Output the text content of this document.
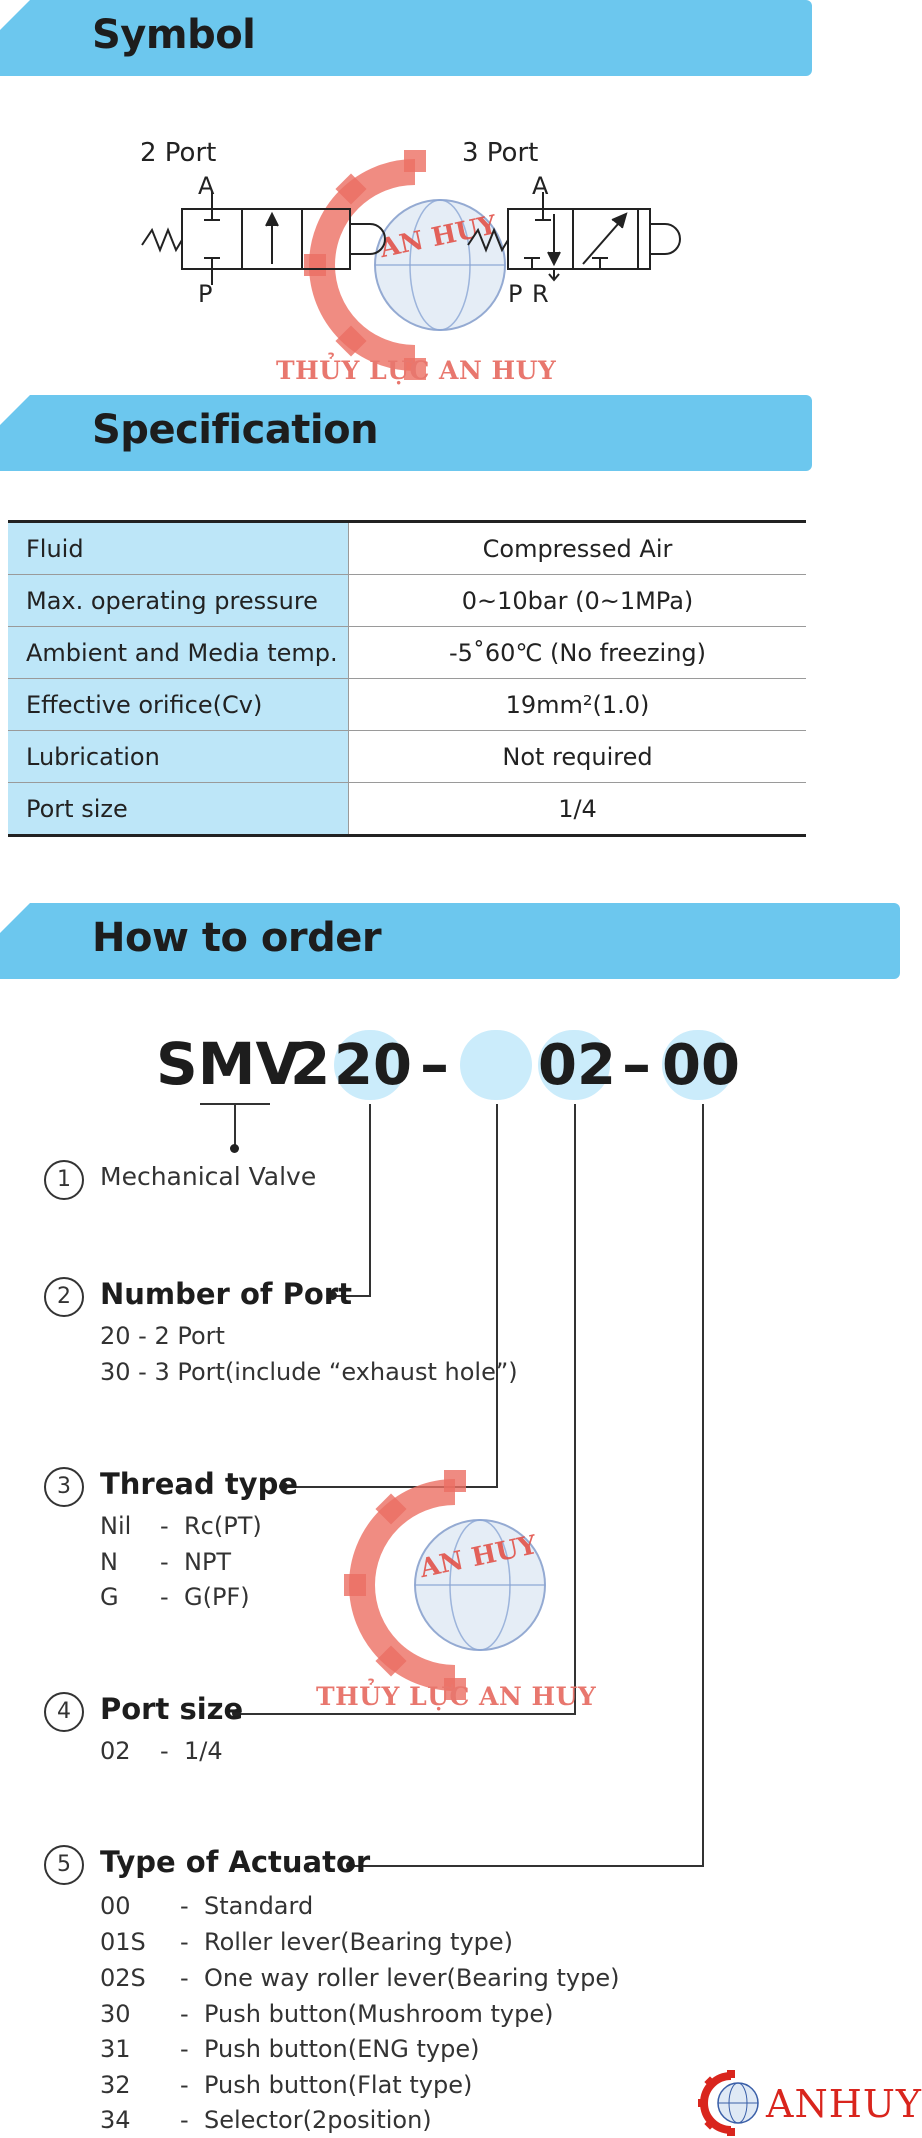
Symbol
AN HUY
2 Port	3 Port
A
P
A
P R
THỦY LỰC AN HUY
Specification
Fluid	Compressed Air
Max. operating pressure	0~10bar (0~1MPa)
Ambient and Media temp.	-5˚60℃ (No freezing)
Effective orifice(Cv)	19mm²(1.0)
Lubrication	Not required
Port size	1/4
How to order
SMV
2 20 – 02 – 00
1	Mechanical Valve
2	Number of Port
20 - 2 Port
30 - 3 Port(include “exhaust hole”)
AN HUY
3	Thread type
Nil - Rc(PT)
N - NPT
G - G(PF)
THỦY LỰC AN HUY
4	Port size
02 - 1/4
5	Type of Actuator
00 - Standard
01S - Roller lever(Bearing type)
02S - One way roller lever(Bearing type)
30 - Push button(Mushroom type)
31 - Push button(ENG type)
32 - Push button(Flat type)
34 - Selector(2position)	ANHUY
